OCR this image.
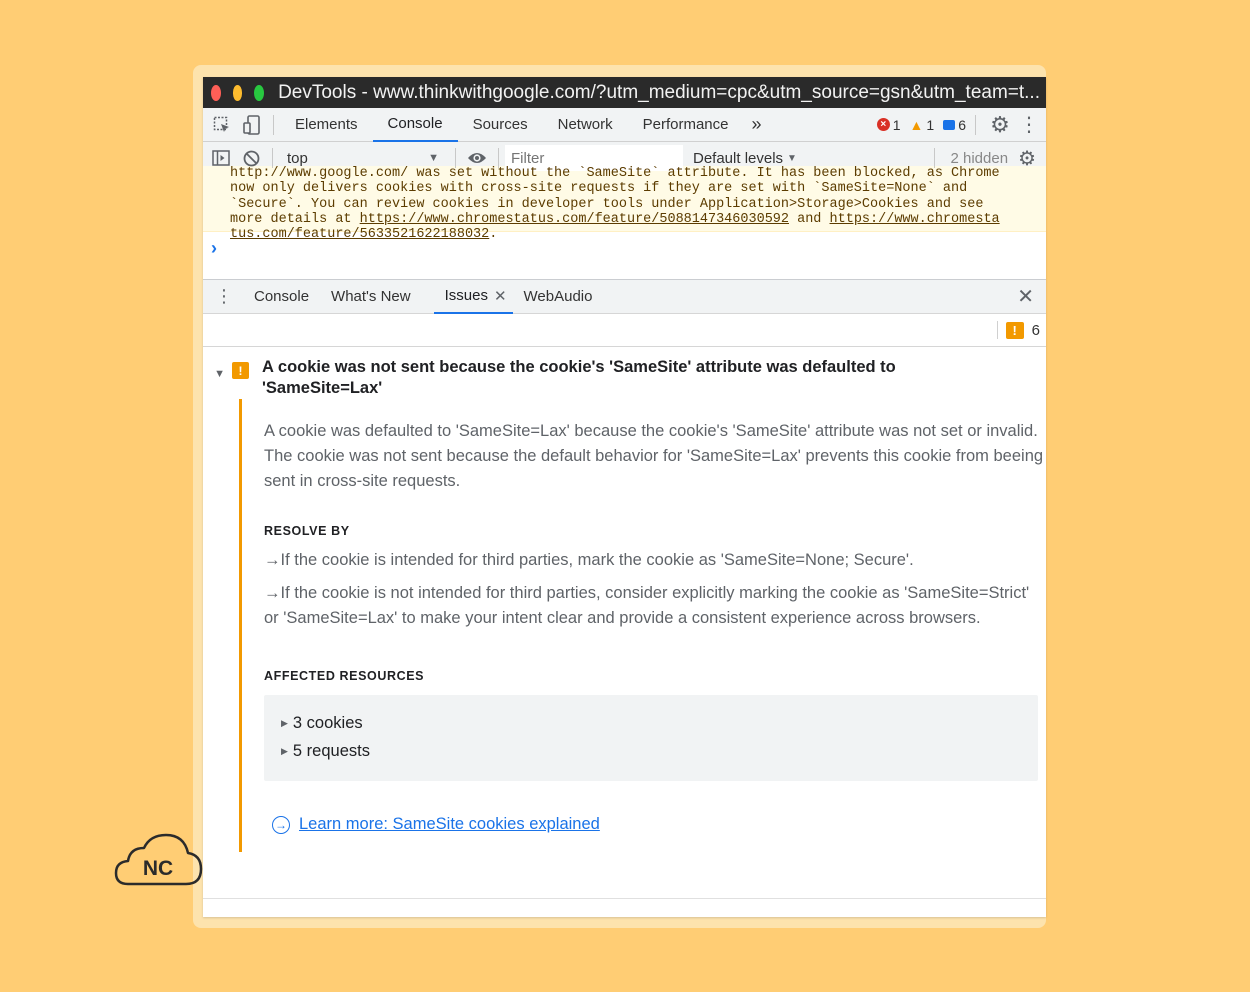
DevTools - www.thinkwithgoogle.com/?utm_medium=cpc&utm_source=gsn&utm_team=t...
Elements	Console	Sources	Network	Performance	»	× 1 ▲ 1 6 ⚙ ⋮
top	▼
Filter	Default levels ▼	2 hidden ⚙
http://www.google.com/ was set without the `SameSite` attribute. It has been blocked, as Chrome
now only delivers cookies with cross-site requests if they are set with `SameSite=None` and
`Secure`. You can review cookies in developer tools under Application>Storage>Cookies and see
more details at https://www.chromestatus.com/feature/5088147346030592 and https://www.chromesta
tus.com/feature/5633521622188032.
›
⋮	Console	What's New	Issues ✕	WebAudio	✕
! 6
▼	!	A cookie was not sent because the cookie's 'SameSite' attribute was defaulted to 'SameSite=Lax'
A cookie was defaulted to 'SameSite=Lax' because the cookie's 'SameSite' attribute was not set or invalid. The cookie was not sent because the default behavior for 'SameSite=Lax' prevents this cookie from beeing sent in cross-site requests.
RESOLVE BY
→If the cookie is intended for third parties, mark the cookie as 'SameSite=None; Secure'.
→If the cookie is not intended for third parties, consider explicitly marking the cookie as 'SameSite=Strict' or 'SameSite=Lax' to make your intent clear and provide a consistent experience across browsers.
AFFECTED RESOURCES
▶ 3 cookies
▶ 5 requests
→ Learn more: SameSite cookies explained
NC
